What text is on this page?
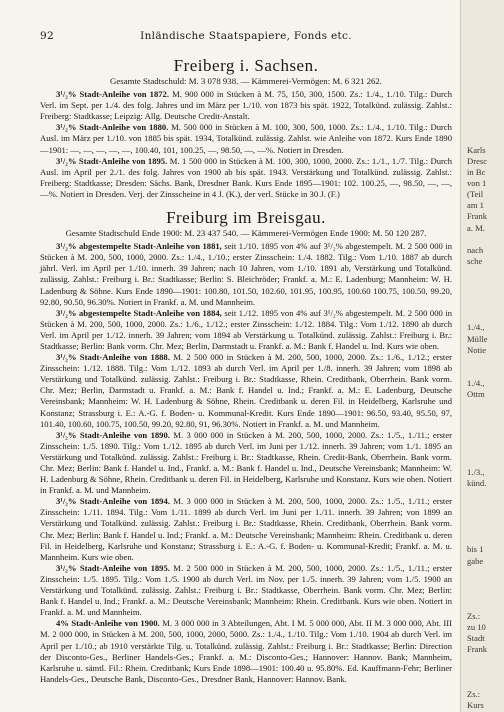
92	Inländische Staatspapiere, Fonds etc.
Freiberg i. Sachsen.

Gesamte Stadtschuld: M. 3 078 938. — Kämmerei-Vermögen: M. 6 321 262.

3¹/₂% Stadt-Anleihe von 1872. M. 900 000 in Stücken à M. 75, 150, 300, 1500. Zs.: 1./4., 1./10. Tilg.: Durch Verl. im Sept. per 1./4. des folg. Jahres und im März per 1./10. von 1873 bis spät. 1922, Totalkünd. zulässig. Zahlst.: Freiberg: Stadtkasse; Leipzig: Allg. Deutsche Credit-Anstalt.

3¹/₂% Stadt-Anleihe von 1880. M. 500 000 in Stücken à M. 100, 300, 500, 1000. Zs.: 1./4., 1./10. Tilg.: Durch Ausl. im März per 1./10. von 1885 bis spät. 1934, Totalkünd. zulässig. Zahlst. wie Anleihe von 1872. Kurs Ende 1890—1901: —, —, —, —, —, 100.40, 101, 100.25, —, 98.50, —, —%. Notiert in Dresden.

3¹/₂% Stadt-Anleihe von 1895. M. 1 500 000 in Stücken à M. 100, 300, 1000, 2000. Zs.: 1./1., 1./7. Tilg.: Durch Ausl. im April per 2./1. des folg. Jahres von 1900 ab bis spät. 1943. Verstärkung und Totalkünd. zulässig. Zahlst.: Freiberg: Stadtkasse; Dresden: Sächs. Bank, Dresdner Bank. Kurs Ende 1895—1901: 102. 100.25, —, 98.50, —, —, —%. Notiert in Dresden. Verj. der Zinsscheine in 4 J. (K.), der verl. Stücke in 30 J. (F.)

Freiburg im Breisgau.

Gesamte Stadtschuld Ende 1900: M. 23 437 540. — Kämmerei-Vermögen Ende 1900: M. 50 120 287.

3¹/₂% abgestempelte Stadt-Anleihe von 1881, seit 1./10. 1895 von 4% auf 3¹/₂% abgestempelt. M. 2 500 000 in Stücken à M. 200, 500, 1000, 2000. Zs.: 1./4., 1./10.; erster Zinsschein: 1./4. 1882. Tilg.: Vom 1./10. 1887 ab durch jährl. Verl. im April per 1./10. innerh. 39 Jahren; nach 10 Jahren, vom 1./10. 1891 ab, Verstärkung und Totalkünd. zulässig. Zahlst.: Freiburg i. Br.: Stadtkasse; Berlin: S. Bleichröder; Frankf. a. M.: E. Ladenburg; Mannheim: W. H. Ladenburg & Söhne. Kurs Ende 1890—1901: 100.80, 101.50, 102.60, 101.95, 100.95, 100.60 100.75, 100.50, 99.20, 92.80, 90.50, 96.30%. Notiert in Frankf. a. M. und Mannheim.

3¹/₂% abgestempelte Stadt-Anleihe von 1884, seit 1./12. 1895 von 4% auf 3¹/₂% abgestempelt. M. 2 500 000 in Stücken à M. 200, 500, 1000, 2000. Zs.: 1./6., 1./12.; erster Zinsschein: 1./12. 1884. Tilg.: Vom 1./12. 1890 ab durch Verl. im April per 1./12. innerh. 39 Jahren; vom 1894 ab Verstärkung u. Totalkünd. zulässig. Zahlst.: Freiburg i. Br.: Stadtkasse; Berlin: Bank vorm. Chr. Mez; Berlin, Darmstadt u. Frankf. a. M.: Bank f. Handel u. Ind. Kurs wie oben.

3¹/₂% Stadt-Anleihe von 1888. M. 2 500 000 in Stücken à M. 200, 500, 1000, 2000. Zs.: 1./6., 1./12.; erster Zinsschein: 1./12. 1888. Tilg.: Vom 1./12. 1893 ab durch Verl. im April per 1./8. innerh. 39 Jahren; vom 1898 ab Verstärkung und Totalkünd. zulässig. Zahlst.: Freiburg i. Br.: Stadtkasse, Rhein. Creditbank, Oberrhein. Bank vorm. Chr. Mez; Berlin, Darmstadt u. Frankf. a. M.: Bank f. Handel u. Ind.; Frankf. a. M.: E. Ladenburg, Deutsche Vereinsbank; Mannheim: W. H. Ladenburg & Söhne, Rhein. Creditbank u. deren Fil. in Heidelberg, Karlsruhe und Konstanz; Strassburg i. E.: A.-G. f. Boden- u. Kommunal-Kredit. Kurs Ende 1890—1901: 96.50, 93.40, 95.50, 97, 101.40, 100.60, 100.75, 100.50, 99.20, 92.80, 91, 96.30%. Notiert in Frankf. a. M. und Mannheim.

3¹/₂% Stadt-Anleihe von 1890. M. 3 000 000 in Stücken à M. 200, 500, 1000, 2000. Zs.: 1./5., 1./11.; erster Zinsschein: 1./5. 1890. Tilg.: Vom 1./12. 1895 ab durch Verl. im Juni per 1./12. innerh. 39 Jahren; vom 1./1. 1895 an Verstärkung und Totalkünd. zulässig. Zahlst.: Freiburg i. Br.: Stadtkasse, Rhein. Credit-Bank, Oberrhein. Bank vorm. Chr. Mez; Berlin: Bank f. Handel u. Ind., Frankf. a. M.: Bank f. Handel u. Ind., Deutsche Vereinsbank; Mannheim: W. H. Ladenburg & Söhne, Rhein. Creditbank u. deren Fil. in Heidelberg, Karlsruhe und Konstanz. Kurs wie oben. Notiert in Frankf. a. M. und Mannheim.

3¹/₂% Stadt-Anleihe von 1894. M. 3 000 000 in Stücken à M. 200, 500, 1000, 2000. Zs.: 1./5., 1./11.; erster Zinsschein: 1./11. 1894. Tilg.: Vom 1./11. 1899 ab durch Verl. im Juni per 1./11. innerh. 39 Jahren; von 1899 an Verstärkung und Totalkünd. zulässig. Zahlst.: Freiburg i. Br.: Stadtkasse, Rhein. Creditbank, Oberrhein. Bank vorm. Chr. Mez; Berlin: Bank f. Handel u. Ind.; Frankf. a. M.: Deutsche Vereinsbank; Mannheim: Rhein. Creditbank u. deren Fil. in Heidelberg, Karlsruhe und Konstanz; Strassburg i. E.: A.-G. f. Boden- u. Kommunal-Kredit; Frankf. a. M. u. Mannheim. Kurs wie oben.

3¹/₂% Stadt-Anleihe von 1895. M. 2 500 000 in Stücken à M. 200, 500, 1000, 2000. Zs.: 1./5., 1./11.; erster Zinsschein: 1./5. 1895. Tilg.: Vom 1./5. 1900 ab durch Verl. im Nov. per 1./5. innerh. 39 Jahren; vom 1./5. 1900 an Verstärkung und Totalkünd. zulässig. Zahlst.: Freiburg i. Br.: Stadtkasse, Oberrhein. Bank vorm. Chr. Mez; Berlin: Bank f. Handel u. Ind.; Frankf. a. M.: Deutsche Vereinsbank; Mannheim: Rhein. Creditbank. Kurs wie oben. Notiert in Frankf. a. M. und Mannheim.

4% Stadt-Anleihe von 1900. M. 3 000 000 in 3 Abteilungen, Abt. I M. 5 000 000, Abt. II M. 3 000 000, Abt. III M. 2 000 000, in Stücken à M. 200, 500, 1000, 2000, 5000. Zs.: 1./4., 1./10. Tilg.: Vom 1./10. 1904 ab durch Verl. im April per 1./10.; ab 1910 verstärkte Tilg. u. Totalkünd. zulässig. Zahlst.: Freiburg i. Br.: Stadtkasse; Berlin: Direction der Disconto-Ges., Berliner Handels-Ges.; Frankf. a. M.: Disconto-Ges.; Hannover: Hannov. Bank; Mannheim, Karlsruhe u. sämtl. Fil.: Rhein. Creditbank; Kurs Ende 1898—1901: 100.40 u. 95.80%. Ed. Kauffmann-Fehr; Berliner Handels-Ges., Deutsche Bank, Disconto-Ges., Dresdner Bank, Hannover: Hannov. Bank.

Karls
Dresc
in Bc
von 1
(Teil
am 1
Frank
a. M.
nach
sche
1./4.,
Mülle
Notie
1./4.,
Ottm
1./3.,
künd.
bis 1
gabe
Zs.:
zu 10
Stadt
Frank
Zs.:
Kurs
